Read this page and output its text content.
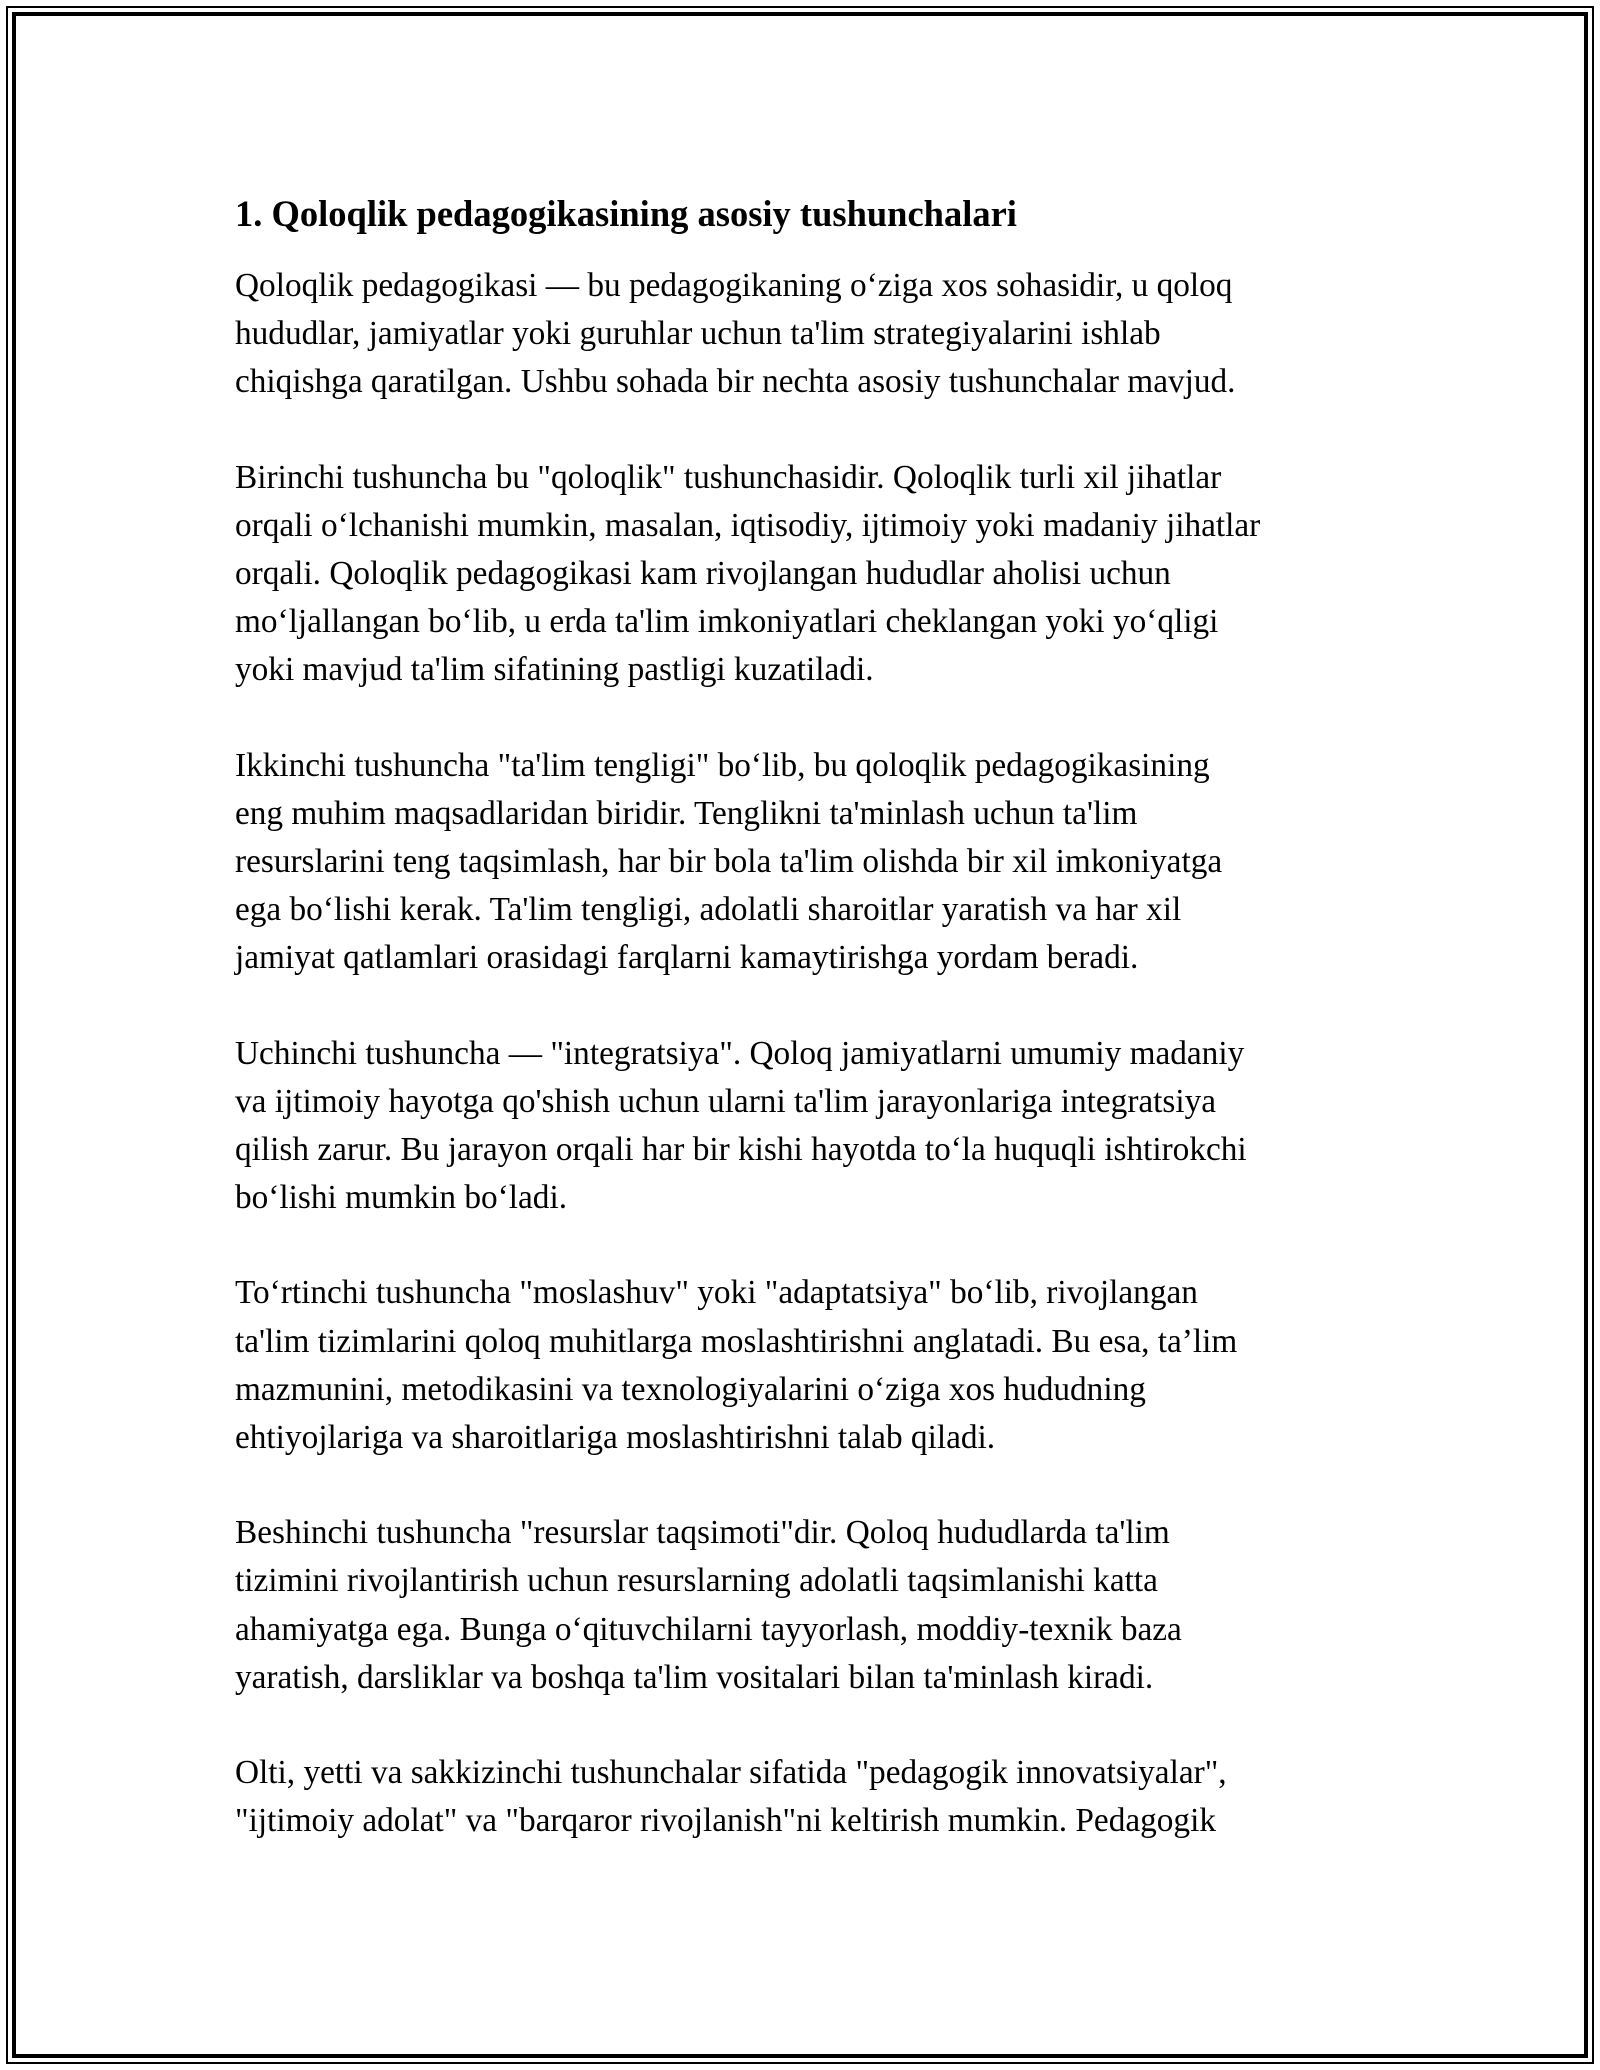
1. Qoloqlik pedagogikasining asosiy tushunchalari

Qoloqlik pedagogikasi — bu pedagogikaning o‘ziga xos sohasidir, u qoloq
hududlar, jamiyatlar yoki guruhlar uchun ta'lim strategiyalarini ishlab
chiqishga qaratilgan. Ushbu sohada bir nechta asosiy tushunchalar mavjud.

Birinchi tushuncha bu "qoloqlik" tushunchasidir. Qoloqlik turli xil jihatlar
orqali o‘lchanishi mumkin, masalan, iqtisodiy, ijtimoiy yoki madaniy jihatlar
orqali. Qoloqlik pedagogikasi kam rivojlangan hududlar aholisi uchun
mo‘ljallangan bo‘lib, u erda ta'lim imkoniyatlari cheklangan yoki yo‘qligi
yoki mavjud ta'lim sifatining pastligi kuzatiladi.

Ikkinchi tushuncha "ta'lim tengligi" bo‘lib, bu qoloqlik pedagogikasining
eng muhim maqsadlaridan biridir. Tenglikni ta'minlash uchun ta'lim
resurslarini teng taqsimlash, har bir bola ta'lim olishda bir xil imkoniyatga
ega bo‘lishi kerak. Ta'lim tengligi, adolatli sharoitlar yaratish va har xil
jamiyat qatlamlari orasidagi farqlarni kamaytirishga yordam beradi.

Uchinchi tushuncha — "integratsiya". Qoloq jamiyatlarni umumiy madaniy
va ijtimoiy hayotga qo'shish uchun ularni ta'lim jarayonlariga integratsiya
qilish zarur. Bu jarayon orqali har bir kishi hayotda to‘la huquqli ishtirokchi
bo‘lishi mumkin bo‘ladi.

To‘rtinchi tushuncha "moslashuv" yoki "adaptatsiya" bo‘lib, rivojlangan
ta'lim tizimlarini qoloq muhitlarga moslashtirishni anglatadi. Bu esa, ta’lim
mazmunini, metodikasini va texnologiyalarini o‘ziga xos hududning
ehtiyojlariga va sharoitlariga moslashtirishni talab qiladi.

Beshinchi tushuncha "resurslar taqsimoti"dir. Qoloq hududlarda ta'lim
tizimini rivojlantirish uchun resurslarning adolatli taqsimlanishi katta
ahamiyatga ega. Bunga o‘qituvchilarni tayyorlash, moddiy-texnik baza
yaratish, darsliklar va boshqa ta'lim vositalari bilan ta'minlash kiradi.

Olti, yetti va sakkizinchi tushunchalar sifatida "pedagogik innovatsiyalar",
"ijtimoiy adolat" va "barqaror rivojlanish"ni keltirish mumkin. Pedagogik
